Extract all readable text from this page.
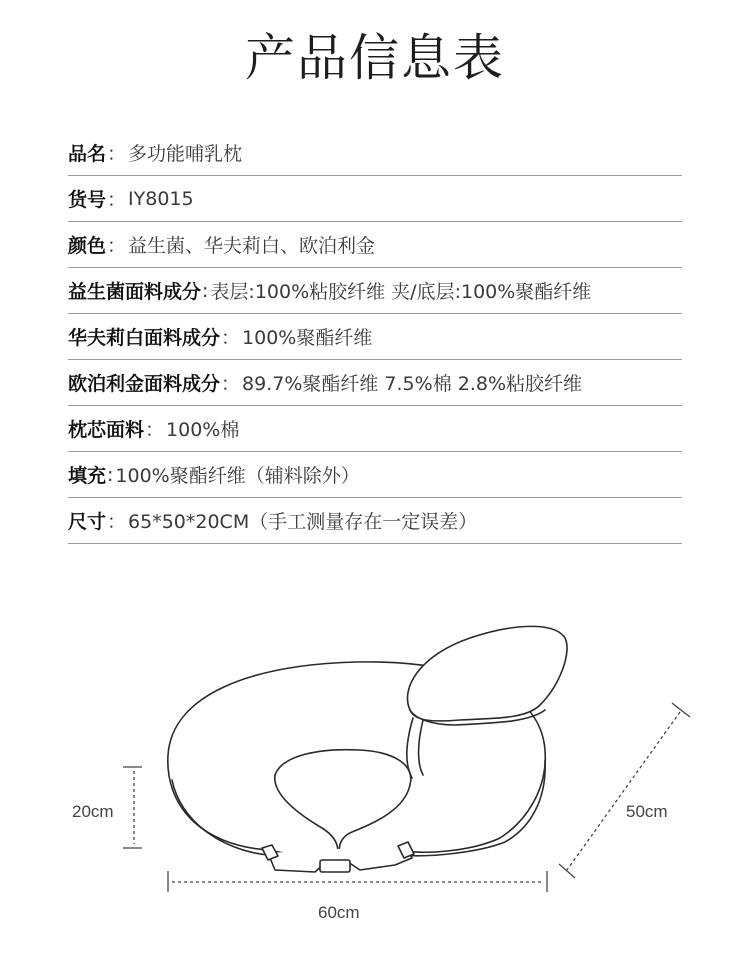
产品信息表
品名 ： 多功能哺乳枕
货号 ： IY8015
颜色 ： 益生菌、华夫莉白、欧泊利金
益生菌面料成分 : 表层:100%粘胶纤维 夹/底层:100%聚酯纤维
华夫莉白面料成分 ： 100%聚酯纤维
欧泊利金面料成分 ： 89.7%聚酯纤维 7.5%棉 2.8%粘胶纤维
枕芯面料 ： 100%棉
填充 : 100%聚酯纤维（辅料除外）
尺寸 ： 65*50*20CM（手工测量存在一定误差）
20cm
60cm
50cm
